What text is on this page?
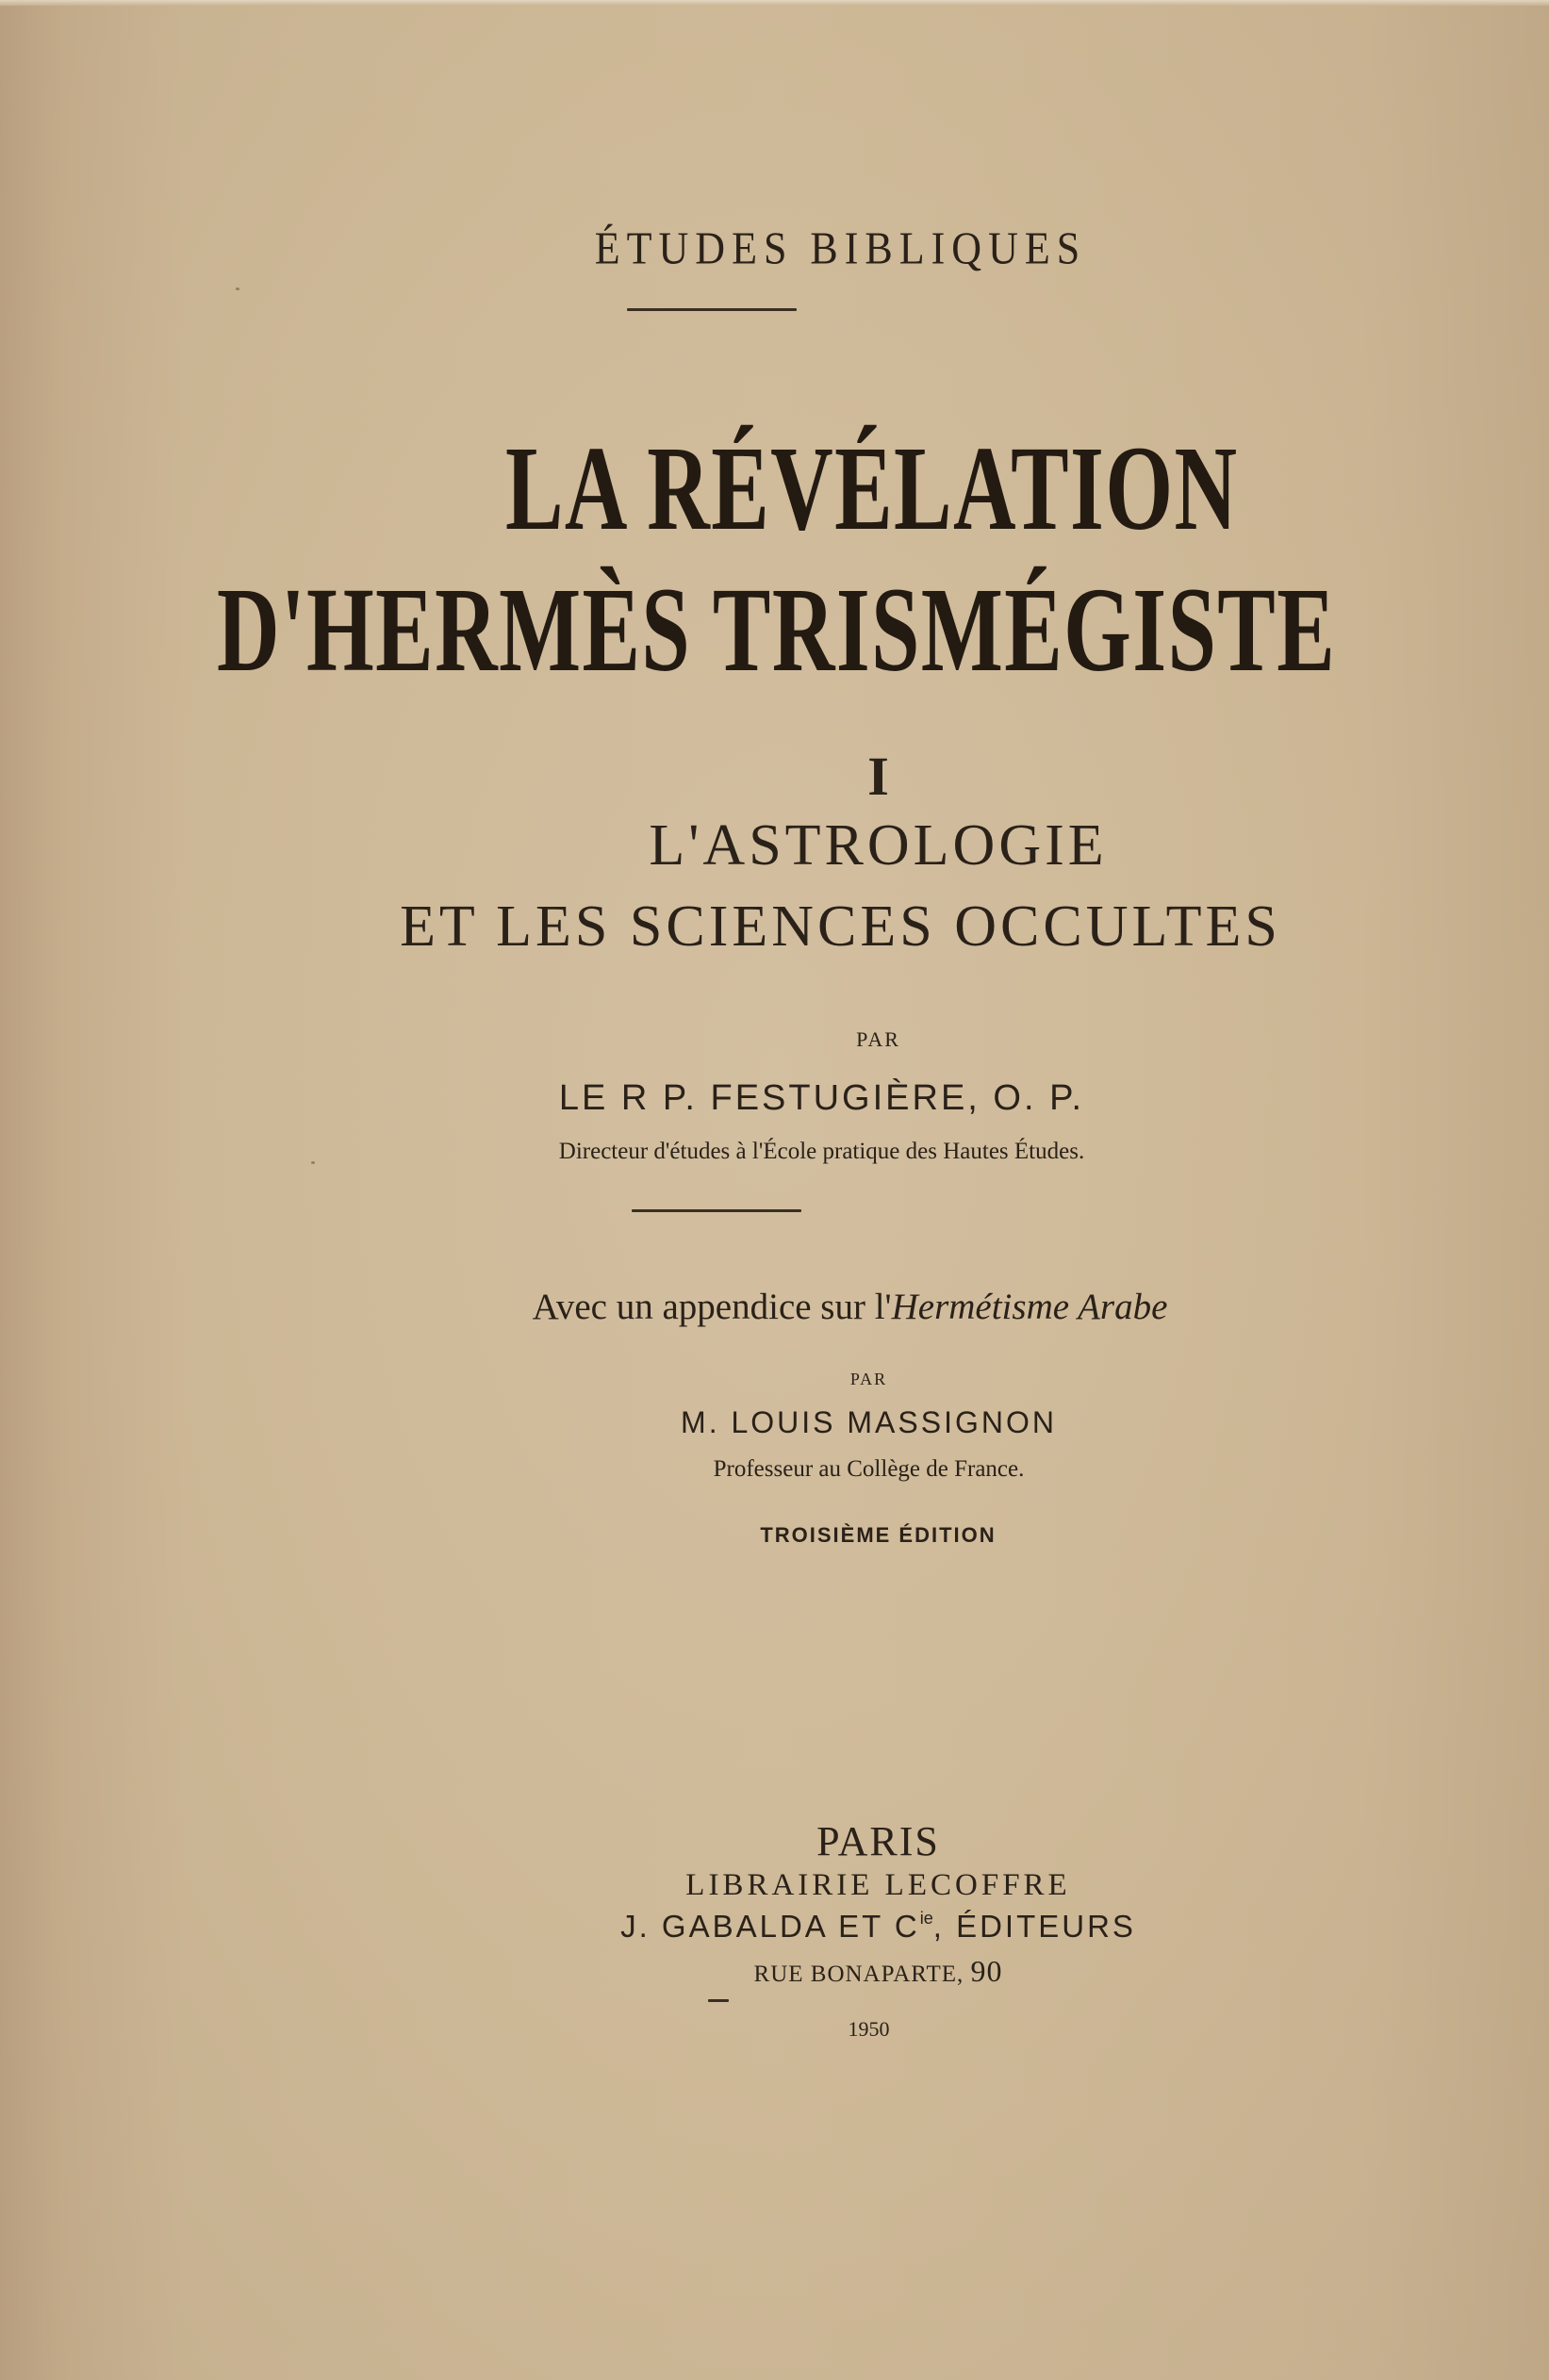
ÉTUDES BIBLIQUES
LA RÉVÉLATION
D'HERMÈS TRISMÉGISTE
I
L'ASTROLOGIE
ET LES SCIENCES OCCULTES
PAR
LE R P. FESTUGIÈRE, O. P.
Directeur d'études à l'École pratique des Hautes Études.
Avec un appendice sur l'Hermétisme Arabe
PAR
M. LOUIS MASSIGNON
Professeur au Collège de France.
TROISIÈME ÉDITION
PARIS
LIBRAIRIE LECOFFRE
J. GABALDA ET $C^{ie}$, ÉDITEURS
RUE BONAPARTE, 90
1950
